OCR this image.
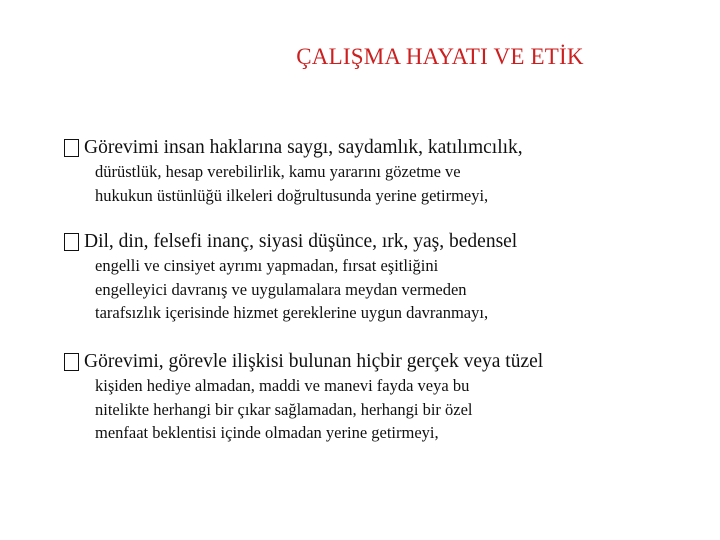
ÇALIŞMA HAYATI VE ETİK
Görevimi insan haklarına saygı, saydamlık, katılımcılık,
dürüstlük, hesap verebilirlik, kamu yararını gözetme ve
hukukun üstünlüğü ilkeleri doğrultusunda yerine getirmeyi,
Dil, din, felsefi inanç, siyasi düşünce, ırk, yaş, bedensel
engelli ve cinsiyet ayrımı yapmadan, fırsat eşitliğini
engelleyici davranış ve uygulamalara meydan vermeden
tarafsızlık içerisinde hizmet gereklerine uygun davranmayı,
Görevimi, görevle ilişkisi bulunan hiçbir gerçek veya tüzel
kişiden hediye almadan, maddi ve manevi fayda veya bu
nitelikte herhangi bir çıkar sağlamadan, herhangi bir özel
menfaat beklentisi içinde olmadan yerine getirmeyi,
